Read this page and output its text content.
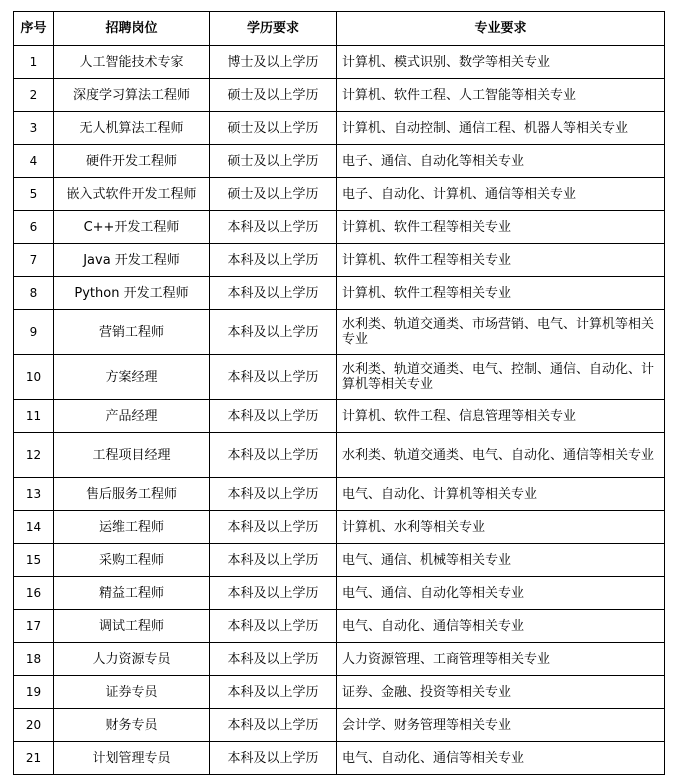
序号	招聘岗位	学历要求	专业要求
1	人工智能技术专家	博士及以上学历	计算机、模式识别、数学等相关专业
2	深度学习算法工程师	硕士及以上学历	计算机、软件工程、人工智能等相关专业
3	无人机算法工程师	硕士及以上学历	计算机、自动控制、通信工程、机器人等相关专业
4	硬件开发工程师	硕士及以上学历	电子、通信、自动化等相关专业
5	嵌入式软件开发工程师	硕士及以上学历	电子、自动化、计算机、通信等相关专业
6	C++开发工程师	本科及以上学历	计算机、软件工程等相关专业
7	Java 开发工程师	本科及以上学历	计算机、软件工程等相关专业
8	Python 开发工程师	本科及以上学历	计算机、软件工程等相关专业
9	营销工程师	本科及以上学历	水利类、轨道交通类、市场营销、电气、计算机等相关专业
10	方案经理	本科及以上学历	水利类、轨道交通类、电气、控制、通信、自动化、计算机等相关专业
11	产品经理	本科及以上学历	计算机、软件工程、信息管理等相关专业
12	工程项目经理	本科及以上学历	水利类、轨道交通类、电气、自动化、通信等相关专业
13	售后服务工程师	本科及以上学历	电气、自动化、计算机等相关专业
14	运维工程师	本科及以上学历	计算机、水利等相关专业
15	采购工程师	本科及以上学历	电气、通信、机械等相关专业
16	精益工程师	本科及以上学历	电气、通信、自动化等相关专业
17	调试工程师	本科及以上学历	电气、自动化、通信等相关专业
18	人力资源专员	本科及以上学历	人力资源管理、工商管理等相关专业
19	证券专员	本科及以上学历	证券、金融、投资等相关专业
20	财务专员	本科及以上学历	会计学、财务管理等相关专业
21	计划管理专员	本科及以上学历	电气、自动化、通信等相关专业
